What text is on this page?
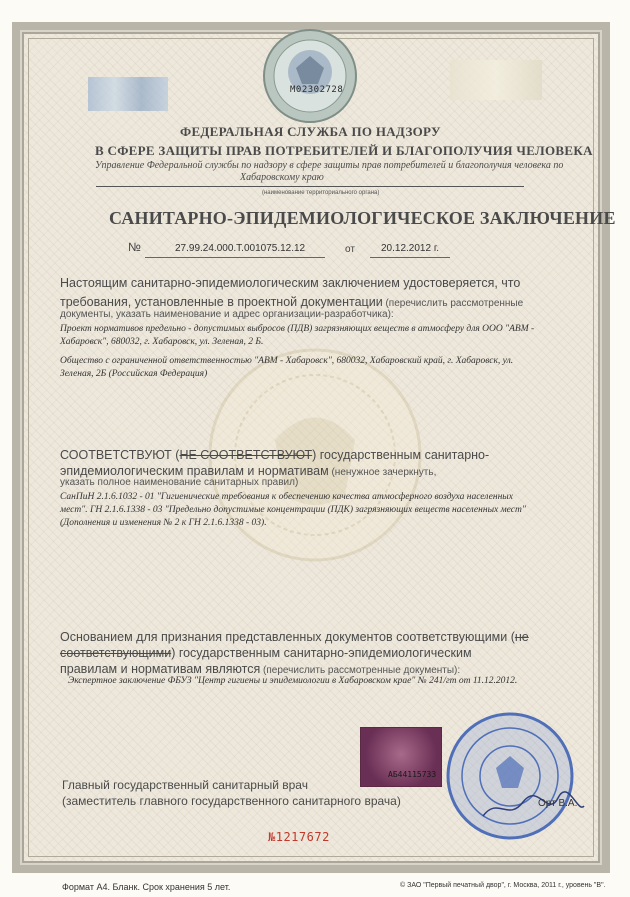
M02302728
ФЕДЕРАЛЬНАЯ СЛУЖБА ПО НАДЗОРУ
В СФЕРЕ ЗАЩИТЫ ПРАВ ПОТРЕБИТЕЛЕЙ И БЛАГОПОЛУЧИЯ ЧЕЛОВЕКА
Управление Федеральной службы по надзору в сфере защиты прав потребителей и благополучия человека по
Хабаровскому краю
(наименование территориального органа)
САНИТАРНО-ЭПИДЕМИОЛОГИЧЕСКОЕ ЗАКЛЮЧЕНИЕ
№	27.99.24.000.Т.001075.12.12	от	20.12.2012 г.
Настоящим санитарно-эпидемиологическим заключением удостоверяется, что
требования, установленные в проектной документации (перечислить рассмотренные
документы, указать наименование и адрес организации-разработчика):
Проект нормативов предельно - допустимых выбросов (ПДВ) загрязняющих веществ в атмосферу для ООО "АВМ -
Хабаровск", 680032, г. Хабаровск, ул. Зеленая, 2 Б.
Общество с ограниченной ответственностью "АВМ - Хабаровск", 680032, Хабаровский край, г. Хабаровск, ул.
Зеленая, 2Б (Российская Федерация)
СООТВЕТСТВУЮТ (НЕ СООТВЕТСТВУЮТ) государственным санитарно-
эпидемиологическим правилам и нормативам (ненужное зачеркнуть,
указать полное наименование санитарных правил)
СанПиН 2.1.6.1032 - 01 "Гигиенические требования к обеспечению качества атмосферного воздуха населенных
мест". ГН 2.1.6.1338 - 03 "Предельно допустимые концентрации (ПДК) загрязняющих веществ населенных мест"
(Дополнения и изменения № 2 к ГН 2.1.6.1338 - 03).
Основанием для признания представленных документов соответствующими (не
соответствующими) государственным санитарно-эпидемиологическим
правилам и нормативам являются (перечислить рассмотренные документы):
Экспертное заключение ФБУЗ "Центр гигиены и эпидемиологии в Хабаровском крае" № 241/гт от 11.12.2012.
АБ44115733
Главный государственный санитарный врач
(заместитель главного государственного санитарного врача)	Орт В.А.
№1217672
Формат А4. Бланк. Срок хранения 5 лет.	© ЗАО "Первый печатный двор", г. Москва, 2011 г., уровень "В".
